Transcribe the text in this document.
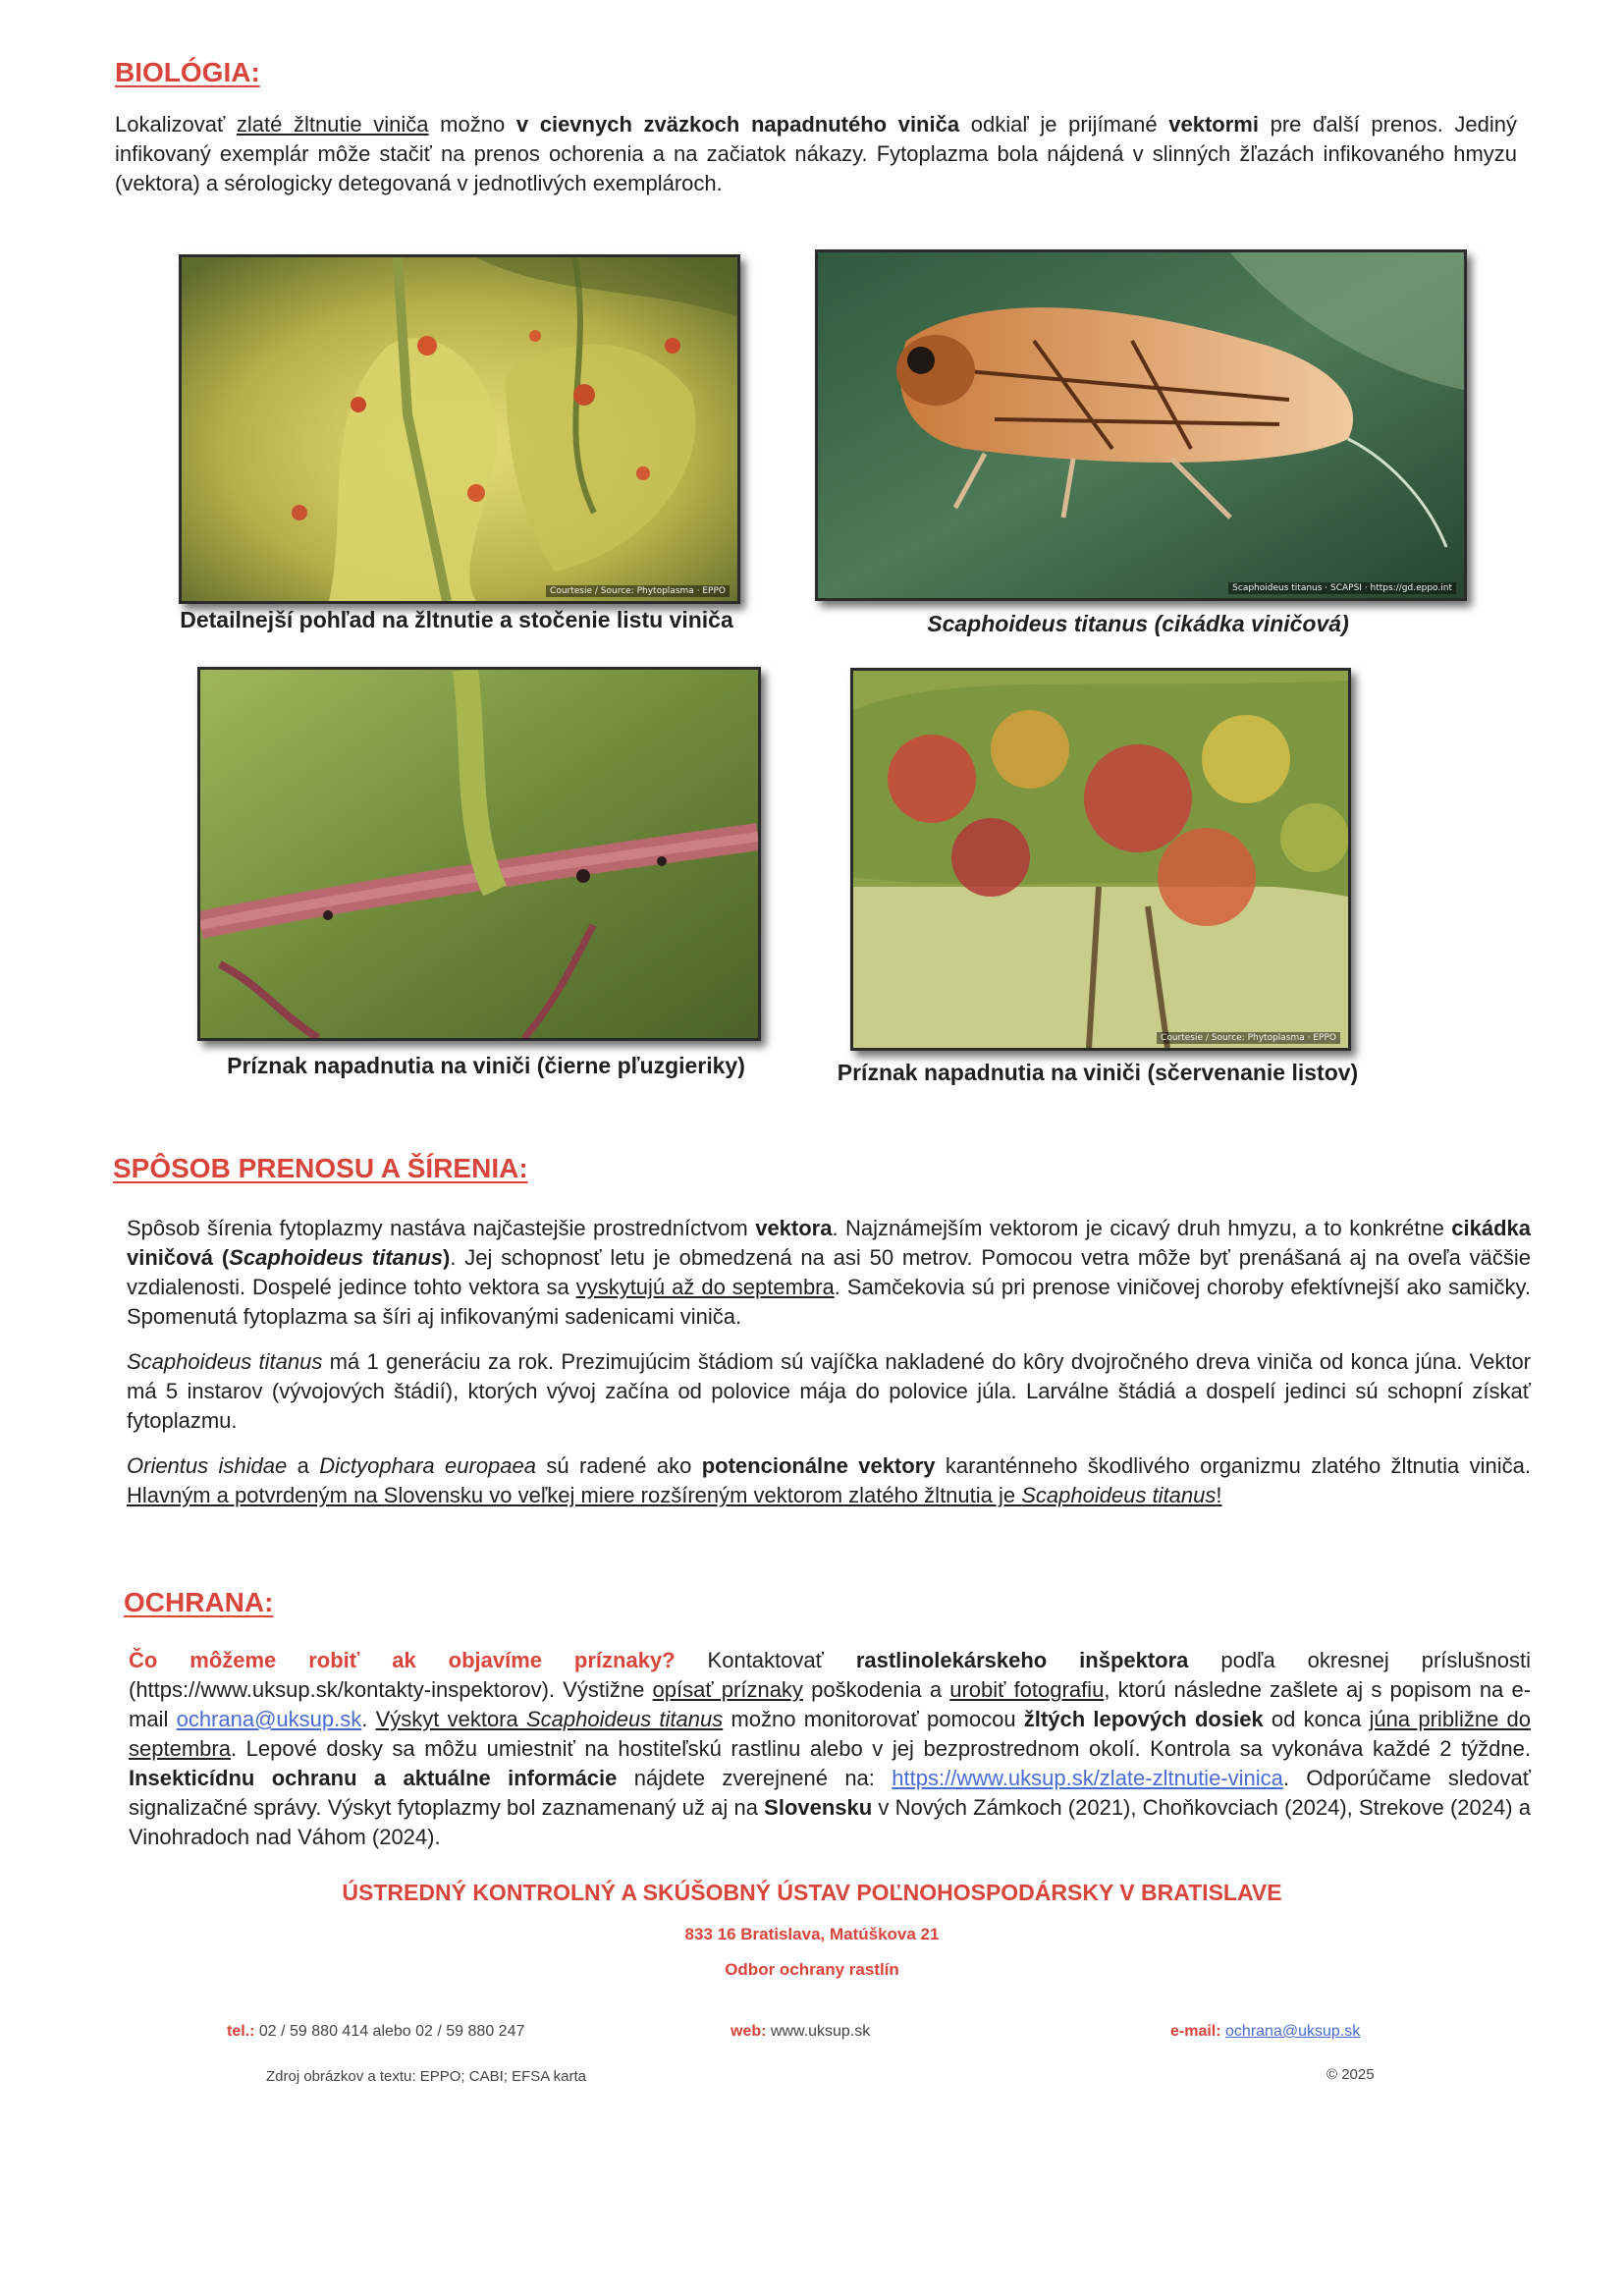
BIOLÓGIA:

Lokalizovať zlaté žltnutie viniča možno v cievnych zväzkoch napadnutého viniča odkiaľ je prijímané vektormi pre ďalší prenos. Jediný infikovaný exemplár môže stačiť na prenos ochorenia a na začiatok nákazy. Fytoplazma bola nájdená v slinných žľazách infikovaného hmyzu (vektora) a sérologicky detegovaná v jednotlivých exemplároch.

Courtesie / Source: Phytoplasma · EPPO

Detailnejší pohľad na žltnutie a stočenie listu viniča

Scaphoideus titanus · SCAPSI · https://gd.eppo.int

Scaphoideus titanus (cikádka viničová)

Príznak napadnutia na viniči (čierne pľuzgieriky)

Courtesie / Source: Phytoplasma · EPPO

Príznak napadnutia na viniči (sčervenanie listov)

SPÔSOB PRENOSU A ŠÍRENIA:

Spôsob šírenia fytoplazmy nastáva najčastejšie prostredníctvom vektora. Najznámejším vektorom je cicavý druh hmyzu, a to konkrétne cikádka viničová (Scaphoideus titanus). Jej schopnosť letu je obmedzená na asi 50 metrov. Pomocou vetra môže byť prenášaná aj na oveľa väčšie vzdialenosti. Dospelé jedince tohto vektora sa vyskytujú až do septembra. Samčekovia sú pri prenose viničovej choroby efektívnejší ako samičky. Spomenutá fytoplazma sa šíri aj infikovanými sadenicami viniča.

Scaphoideus titanus má 1 generáciu za rok. Prezimujúcim štádiom sú vajíčka nakladené do kôry dvojročného dreva viniča od konca júna. Vektor má 5 instarov (vývojových štádií), ktorých vývoj začína od polovice mája do polovice júla. Larválne štádiá a dospelí jedinci sú schopní získať fytoplazmu.

Orientus ishidae a Dictyophara europaea sú radené ako potencionálne vektory karanténneho škodlivého organizmu zlatého žltnutia viniča. Hlavným a potvrdeným na Slovensku vo veľkej miere rozšíreným vektorom zlatého žltnutia je Scaphoideus titanus!

OCHRANA:

Čo môžeme robiť ak objavíme príznaky? Kontaktovať rastlinolekárskeho inšpektora podľa okresnej príslušnosti (https://www.uksup.sk/kontakty-inspektorov). Výstižne opísať príznaky poškodenia a urobiť fotografiu, ktorú následne zašlete aj s popisom na e-mail ochrana@uksup.sk. Výskyt vektora Scaphoideus titanus možno monitorovať pomocou žltých lepových dosiek od konca júna približne do septembra. Lepové dosky sa môžu umiestniť na hostiteľskú rastlinu alebo v jej bezprostrednom okolí. Kontrola sa vykonáva každé 2 týždne. Insekticídnu ochranu a aktuálne informácie nájdete zverejnené na: https://www.uksup.sk/zlate-zltnutie-vinica. Odporúčame sledovať signalizačné správy. Výskyt fytoplazmy bol zaznamenaný už aj na Slovensku v Nových Zámkoch (2021), Choňkovciach (2024), Strekove (2024) a Vinohradoch nad Váhom (2024).

ÚSTREDNÝ KONTROLNÝ A SKÚŠOBNÝ ÚSTAV POĽNOHOSPODÁRSKY V BRATISLAVE

833 16 Bratislava, Matúškova 21

Odbor ochrany rastlín

tel.: 02 / 59 880 414 alebo 02 / 59 880 247	web: www.uksup.sk	e-mail: ochrana@uksup.sk

Zdroj obrázkov a textu: EPPO; CABI; EFSA karta	© 2025
